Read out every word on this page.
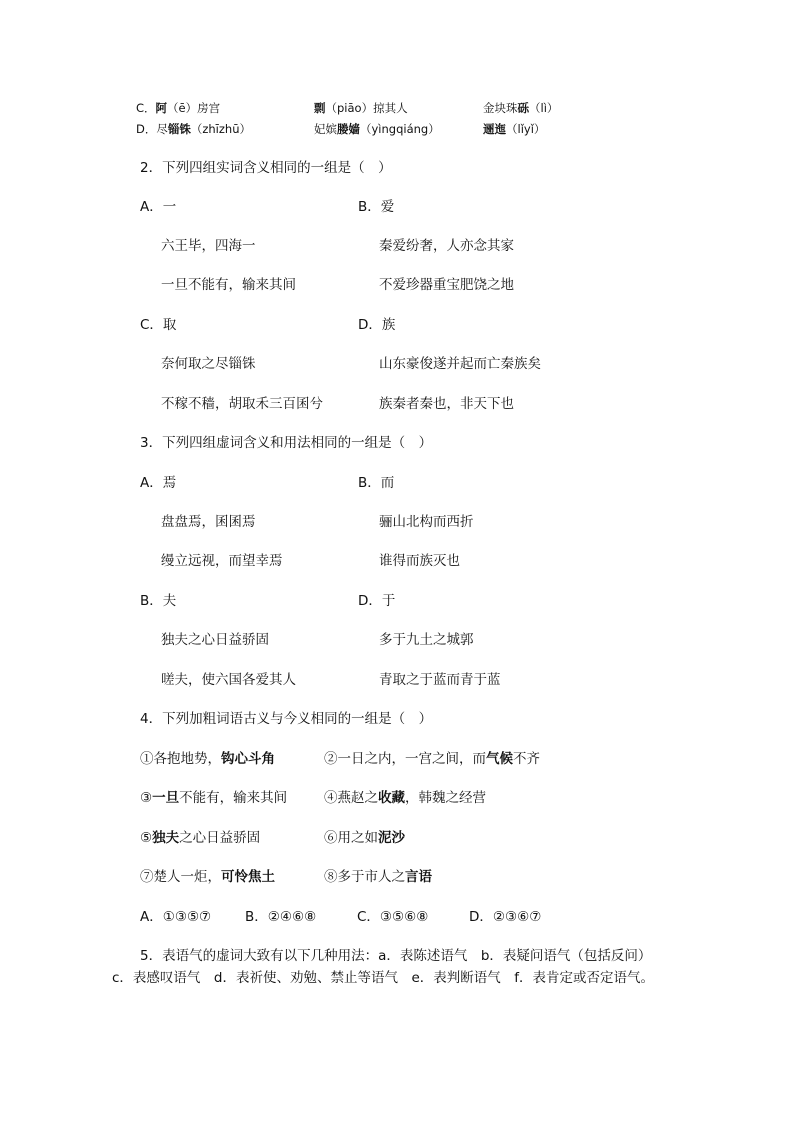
C．阿（ē）房宫	剽（piāo）掠其人	金块珠砾（lì）
D．尽锱铢（zhīzhū）	妃嫔媵嫱（yìngqiáng）	逦迤（lǐyǐ）
2．下列四组实词含义相同的一组是（　）
A．一	B．爱
六王毕，四海一	秦爱纷奢，人亦念其家
一旦不能有，输来其间	不爱珍器重宝肥饶之地
C．取	D．族
奈何取之尽锱铢	山东豪俊遂并起而亡秦族矣
不稼不穑，胡取禾三百囷兮	族秦者秦也，非天下也
3．下列四组虚词含义和用法相同的一组是（　）
A．焉	B．而
盘盘焉，囷囷焉	骊山北构而西折
缦立远视，而望幸焉	谁得而族灭也
B．夫	D．于
独夫之心日益骄固	多于九土之城郭
嗟夫，使六国各爱其人	青取之于蓝而青于蓝
4．下列加粗词语古义与今义相同的一组是（　）
①各抱地势，钩心斗角	②一日之内，一宫之间，而气候不齐
③一旦不能有，输来其间	④燕赵之收藏，韩魏之经营
⑤独夫之心日益骄固	⑥用之如泥沙
⑦楚人一炬，可怜焦土	⑧多于市人之言语
A．①③⑤⑦	B．②④⑥⑧	C．③⑤⑥⑧	D．②③⑥⑦
5．表语气的虚词大致有以下几种用法：a．表陈述语气　b．表疑问语气（包括反问）
c．表感叹语气　d．表祈使、劝勉、禁止等语气　e．表判断语气　f．表肯定或否定语气。
